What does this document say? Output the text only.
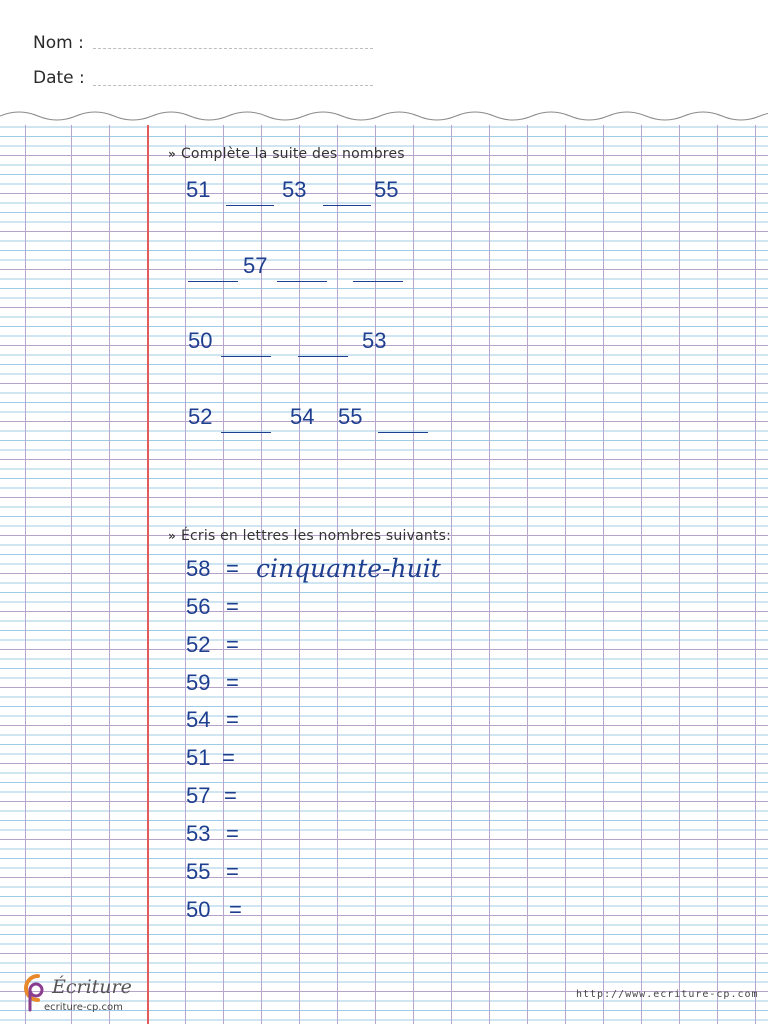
Nom :
Date :
» Complète la suite des nombres
51	53	55
57
50	53
52	54 55
» Écris en lettres les nombres suivants:
58 = cinquante-huit
56 =
52 =
59 =
54 =
51 =
57 =
53 =
55 =
50 =
Écriture
ecriture-cp.com
http://www.ecriture-cp.com
